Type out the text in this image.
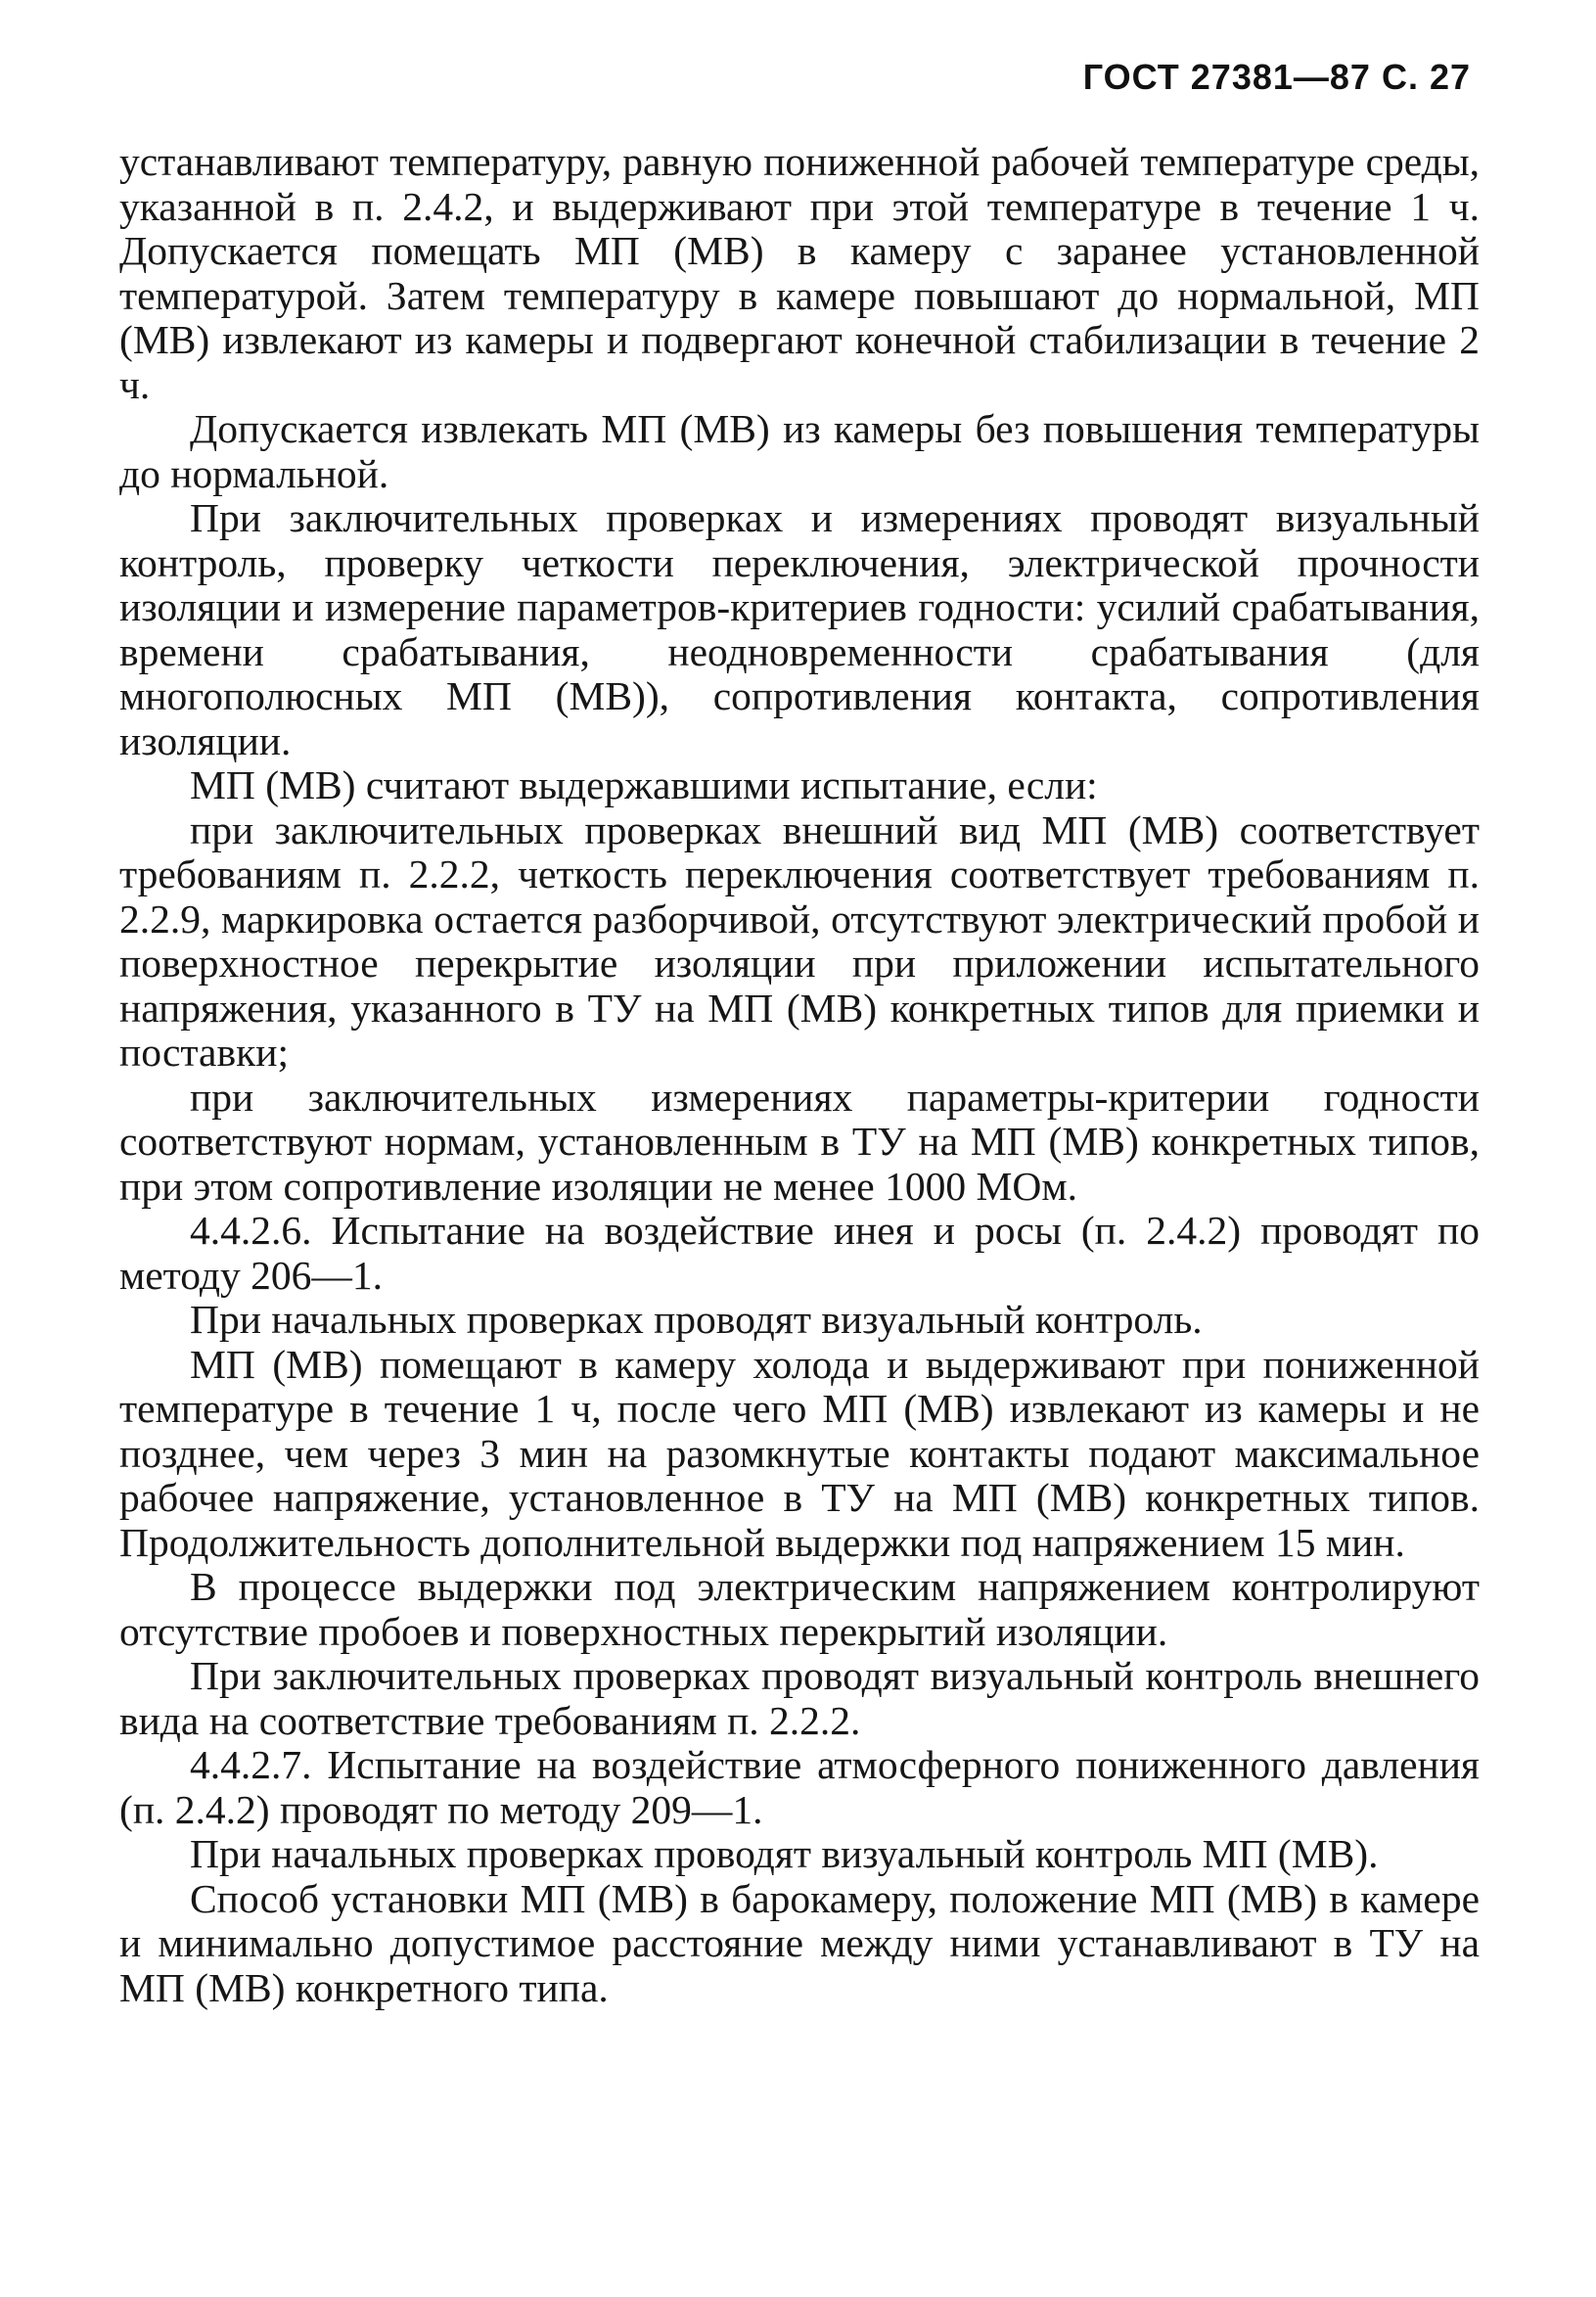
ГОСТ 27381—87 С. 27

устанавливают температуру, равную пониженной рабочей температуре среды, указанной в п. 2.4.2, и выдерживают при этой температуре в течение 1 ч. Допускается помещать МП (МВ) в камеру с заранее установленной температурой. Затем температуру в камере повышают до нормальной, МП (МВ) извлекают из камеры и подвергают конечной стабилизации в течение 2 ч.

Допускается извлекать МП (МВ) из камеры без повышения температуры до нормальной.

При заключительных проверках и измерениях проводят визуальный контроль, проверку четкости переключения, электрической прочности изоляции и измерение параметров-критериев годности: усилий срабатывания, времени срабатывания, неодновременности срабатывания (для многополюсных МП (МВ)), сопротивления контакта, сопротивления изоляции.

МП (МВ) считают выдержавшими испытание, если:

при заключительных проверках внешний вид МП (МВ) соответствует требованиям п. 2.2.2, четкость переключения соответствует требованиям п. 2.2.9, маркировка остается разборчивой, отсутствуют электрический пробой и поверхностное перекрытие изоляции при приложении испытательного напряжения, указанного в ТУ на МП (МВ) конкретных типов для приемки и поставки;

при заключительных измерениях параметры-критерии годности соответствуют нормам, установленным в ТУ на МП (МВ) конкретных типов, при этом сопротивление изоляции не менее 1000 МОм.

4.4.2.6. Испытание на воздействие инея и росы (п. 2.4.2) проводят по методу 206—1.

При начальных проверках проводят визуальный контроль.

МП (МВ) помещают в камеру холода и выдерживают при пониженной температуре в течение 1 ч, после чего МП (МВ) извлекают из камеры и не позднее, чем через 3 мин на разомкнутые контакты подают максимальное рабочее напряжение, установленное в ТУ на МП (МВ) конкретных типов. Продолжительность дополнительной выдержки под напряжением 15 мин.

В процессе выдержки под электрическим напряжением контролируют отсутствие пробоев и поверхностных перекрытий изоляции.

При заключительных проверках проводят визуальный контроль внешнего вида на соответствие требованиям п. 2.2.2.

4.4.2.7. Испытание на воздействие атмосферного пониженного давления (п. 2.4.2) проводят по методу 209—1.

При начальных проверках проводят визуальный контроль МП (МВ).

Способ установки МП (МВ) в барокамеру, положение МП (МВ) в камере и минимально допустимое расстояние между ними устанавливают в ТУ на МП (МВ) конкретного типа.
